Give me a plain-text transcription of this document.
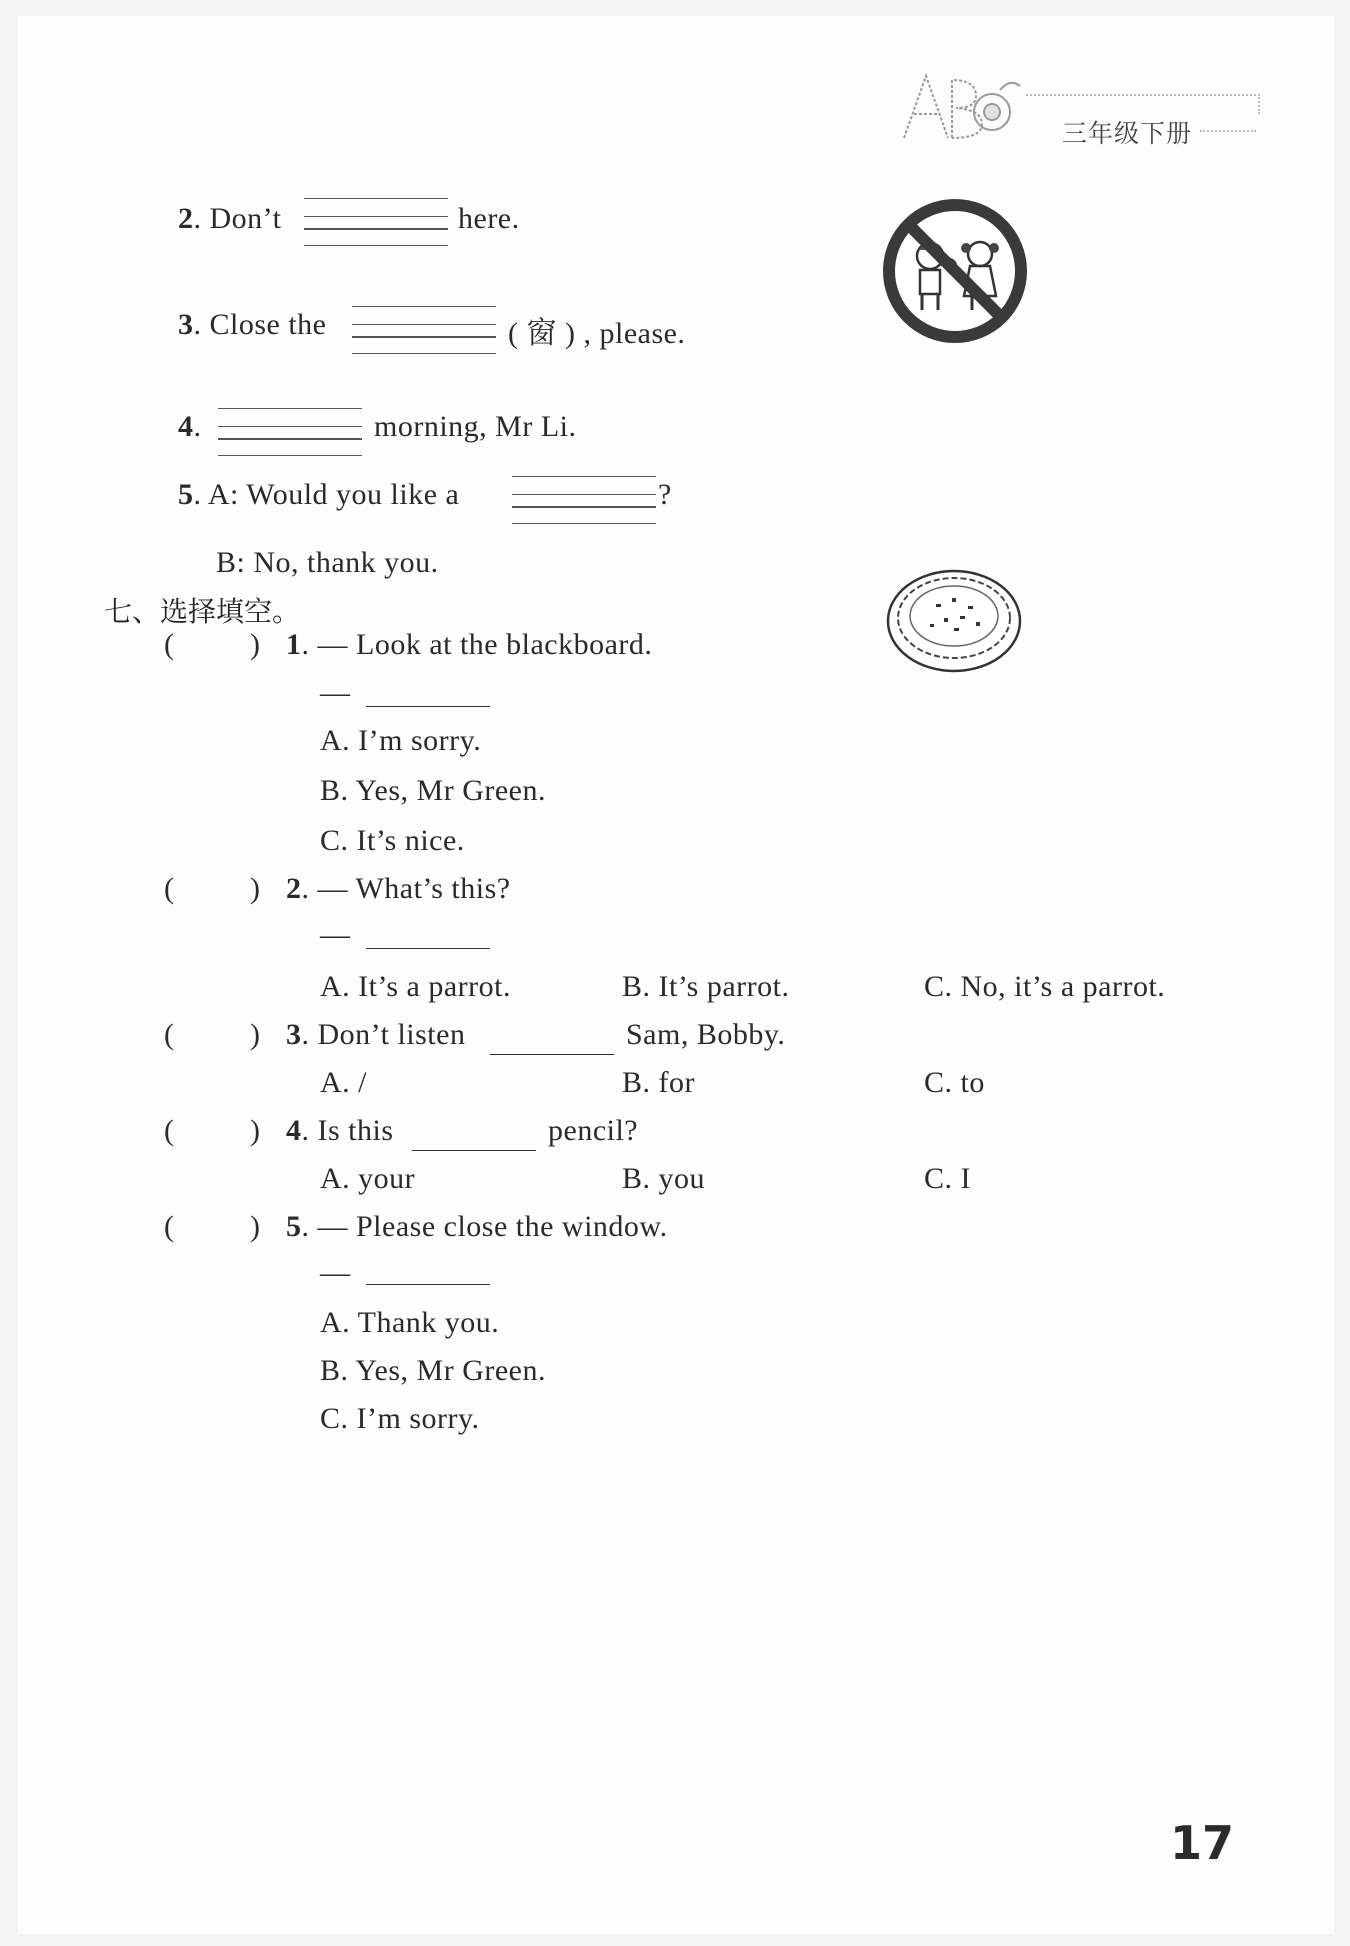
三年级下册
2. Don’t	here.
3. Close the	( 窗 ) , please.
4.	morning, Mr Li.
5. A: Would you like a	?
B: No, thank you.
七、选择填空。
(	) 1. — Look at the blackboard.
—
A. I’m sorry.
B. Yes, Mr Green.
C. It’s nice.
(	) 2. — What’s this?
—
A. It’s a parrot.	B. It’s parrot.	C. No, it’s a parrot.
(	) 3. Don’t listen	Sam, Bobby.
A. /	B. for	C. to
(	) 4. Is this	pencil?
A. your	B. you	C. I
(	) 5. — Please close the window.
—
A. Thank you.
B. Yes, Mr Green.
C. I’m sorry.
17
